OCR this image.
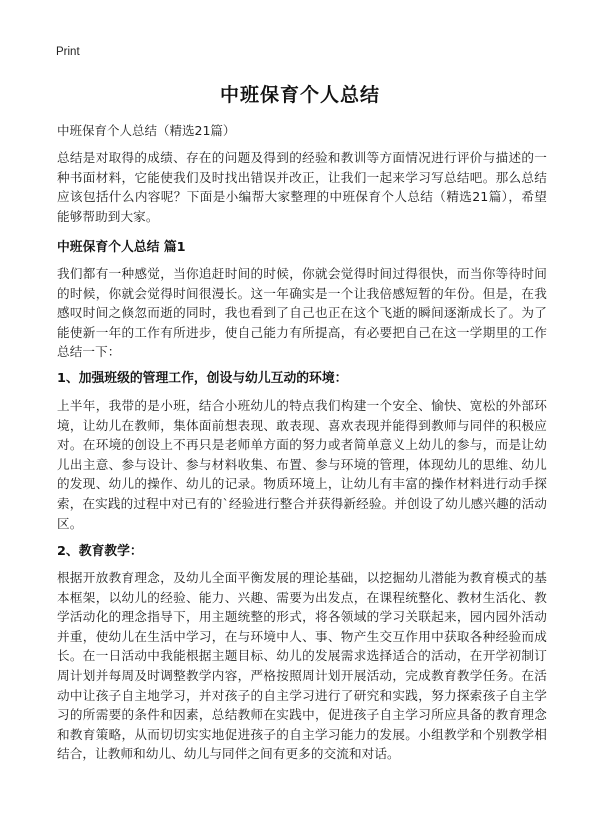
Print
中班保育个人总结
中班保育个人总结（精选21篇）
总结是对取得的成绩、存在的问题及得到的经验和教训等方面情况进行评价与描述的一种书面材料，它能使我们及时找出错误并改正，让我们一起来学习写总结吧。那么总结应该包括什么内容呢？下面是小编帮大家整理的中班保育个人总结（精选21篇），希望能够帮助到大家。
中班保育个人总结 篇1
我们都有一种感觉，当你追赶时间的时候，你就会觉得时间过得很快，而当你等待时间的时候，你就会觉得时间很漫长。这一年确实是一个让我倍感短暂的年份。但是，在我感叹时间之倏忽而逝的同时，我也看到了自己也正在这个飞逝的瞬间逐渐成长了。为了能使新一年的工作有所进步，使自己能力有所提高，有必要把自己在这一学期里的工作总结一下：
1、加强班级的管理工作，创设与幼儿互动的环境：
上半年，我带的是小班，结合小班幼儿的特点我们构建一个安全、愉快、宽松的外部环境，让幼儿在教师，集体面前想表现、敢表现、喜欢表现并能得到教师与同伴的积极应对。在环境的创设上不再只是老师单方面的努力或者简单意义上幼儿的参与，而是让幼儿出主意、参与设计、参与材料收集、布置、参与环境的管理，体现幼儿的思维、幼儿的发现、幼儿的操作、幼儿的记录。物质环境上，让幼儿有丰富的操作材料进行动手探索，在实践的过程中对已有的`经验进行整合并获得新经验。并创设了幼儿感兴趣的活动区。
2、教育教学：
根据开放教育理念，及幼儿全面平衡发展的理论基础，以挖掘幼儿潜能为教育模式的基本框架，以幼儿的经验、能力、兴趣、需要为出发点，在课程统整化、教材生活化、教学活动化的理念指导下，用主题统整的形式，将各领域的学习关联起来，园内园外活动并重，使幼儿在生活中学习，在与环境中人、事、物产生交互作用中获取各种经验而成长。在一日活动中我能根据主题目标、幼儿的发展需求选择适合的活动，在开学初制订周计划并每周及时调整教学内容，严格按照周计划开展活动，完成教育教学任务。在活动中让孩子自主地学习，并对孩子的自主学习进行了研究和实践，努力探索孩子自主学习的所需要的条件和因素，总结教师在实践中，促进孩子自主学习所应具备的教育理念和教育策略，从而切切实实地促进孩子的自主学习能力的发展。小组教学和个别教学相结合，让教师和幼儿、幼儿与同伴之间有更多的交流和对话。
